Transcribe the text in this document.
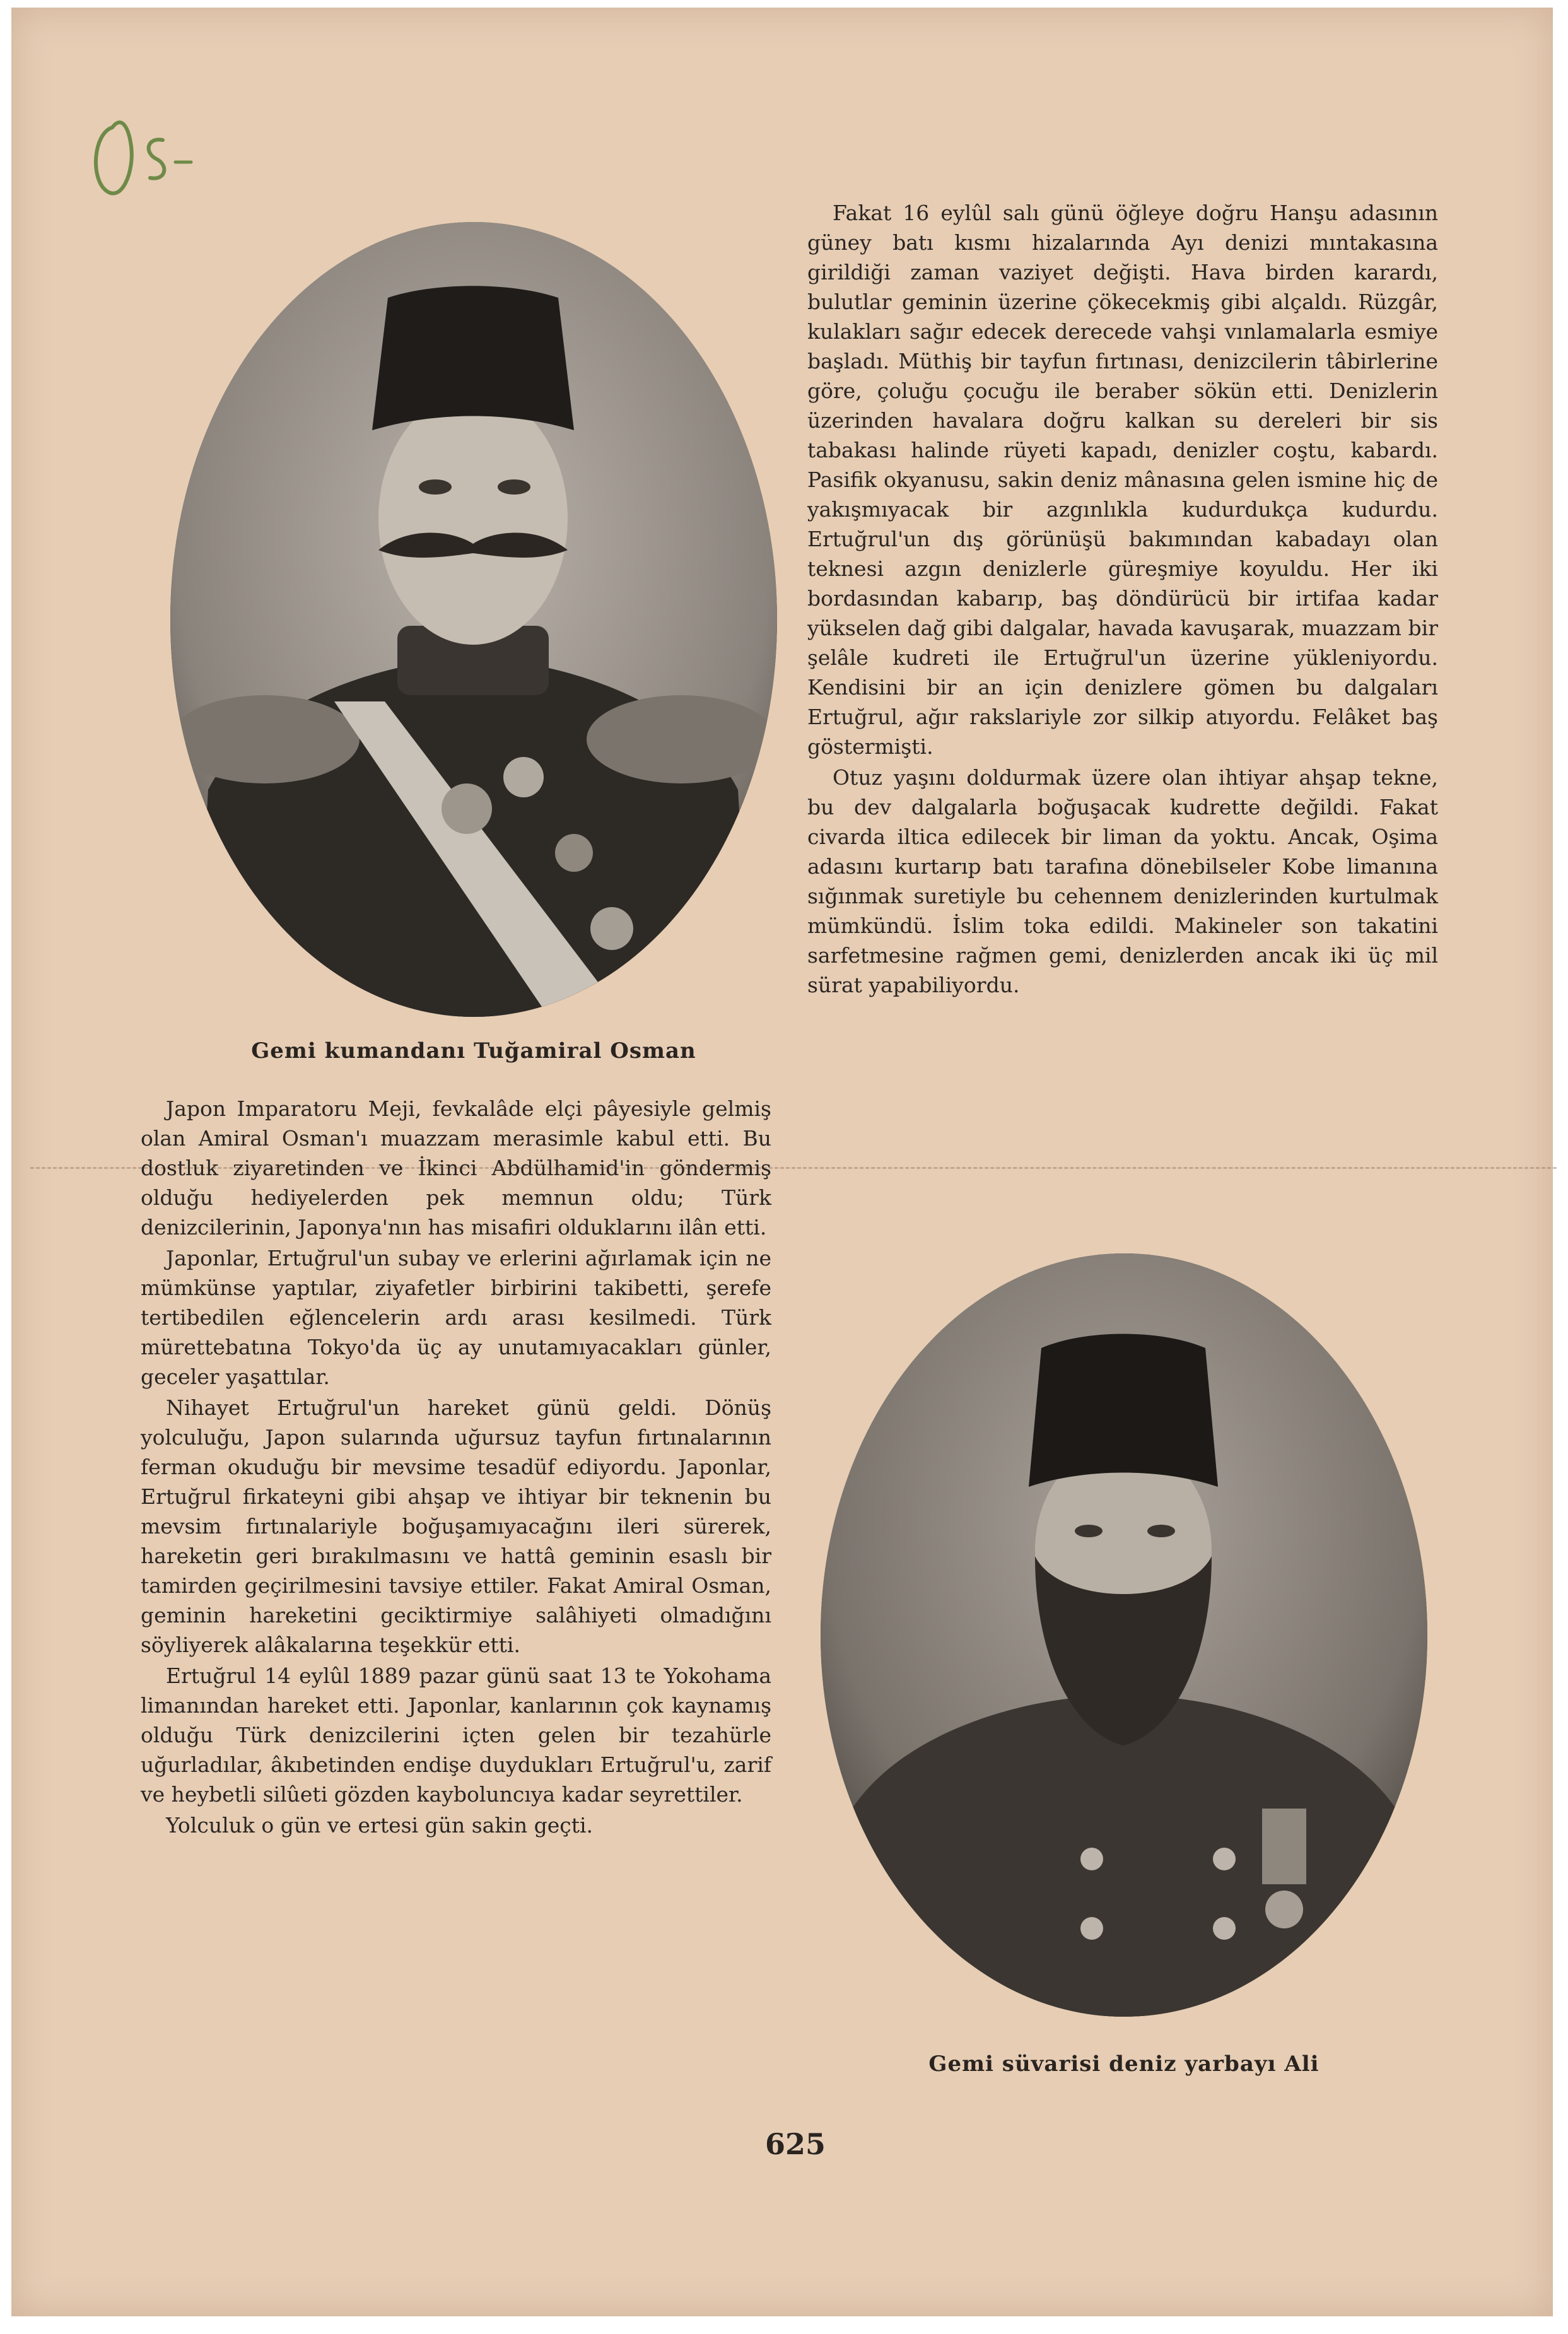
Gemi kumandanı Tuğamiral Osman

Japon Imparatoru Meji, fevkalâde elçi pâyesiyle gelmiş olan Amiral Osman'ı muazzam merasimle kabul etti. Bu dostluk ziyaretinden ve İkinci Abdülhamid'in göndermiş olduğu hediyelerden pek memnun oldu; Türk denizcilerinin, Japonya'nın has misafiri olduklarını ilân etti.

Japonlar, Ertuğrul'un subay ve erlerini ağırlamak için ne mümkünse yaptılar, ziyafetler birbirini takibetti, şerefe tertibedilen eğlencelerin ardı arası kesilmedi. Türk mürettebatına Tokyo'da üç ay unutamıyacakları günler, geceler yaşattılar.

Nihayet Ertuğrul'un hareket günü geldi. Dönüş yolculuğu, Japon sularında uğursuz tayfun fırtınalarının ferman okuduğu bir mevsime tesadüf ediyordu. Japonlar, Ertuğrul firkateyni gibi ahşap ve ihtiyar bir teknenin bu mevsim fırtınalariyle boğuşamıyacağını ileri sürerek, hareketin geri bırakılmasını ve hattâ geminin esaslı bir tamirden geçirilmesini tavsiye ettiler. Fakat Amiral Osman, geminin hareketini geciktirmiye salâhiyeti olmadığını söyliyerek alâkalarına teşekkür etti.

Ertuğrul 14 eylûl 1889 pazar günü saat 13 te Yokohama limanından hareket etti. Japonlar, kanlarının çok kaynamış olduğu Türk denizcilerini içten gelen bir tezahürle uğurladılar, âkıbetinden endişe duydukları Ertuğrul'u, zarif ve heybetli silûeti gözden kayboluncıya kadar seyrettiler.

Yolculuk o gün ve ertesi gün sakin geçti.

Fakat 16 eylûl salı günü öğleye doğru Hanşu adasının güney batı kısmı hizalarında Ayı denizi mıntakasına girildiği zaman vaziyet değişti. Hava birden karardı, bulutlar geminin üzerine çökecekmiş gibi alçaldı. Rüzgâr, kulakları sağır edecek derecede vahşi vınlamalarla esmiye başladı. Müthiş bir tayfun fırtınası, denizcilerin tâbirlerine göre, çoluğu çocuğu ile beraber sökün etti. Denizlerin üzerinden havalara doğru kalkan su dereleri bir sis tabakası halinde rüyeti kapadı, denizler coştu, kabardı. Pasifik okyanusu, sakin deniz mânasına gelen ismine hiç de yakışmıyacak bir azgınlıkla kudurdukça kudurdu. Ertuğrul'un dış görünüşü bakımından kabadayı olan teknesi azgın denizlerle güreşmiye koyuldu. Her iki bordasından kabarıp, baş döndürücü bir irtifaa kadar yükselen dağ gibi dalgalar, havada kavuşarak, muazzam bir şelâle kudreti ile Ertuğrul'un üzerine yükleniyordu. Kendisini bir an için denizlere gömen bu dalgaları Ertuğrul, ağır rakslariyle zor silkip atıyordu. Felâket baş göstermişti.

Otuz yaşını doldurmak üzere olan ihtiyar ahşap tekne, bu dev dalgalarla boğuşacak kudrette değildi. Fakat civarda iltica edilecek bir liman da yoktu. Ancak, Oşima adasını kurtarıp batı tarafına dönebilseler Kobe limanına sığınmak suretiyle bu cehennem denizlerinden kurtulmak mümkündü. İslim toka edildi. Makineler son takatini sarfetmesine rağmen gemi, denizlerden ancak iki üç mil sürat yapabiliyordu.

Gemi süvarisi deniz yarbayı Ali

625
